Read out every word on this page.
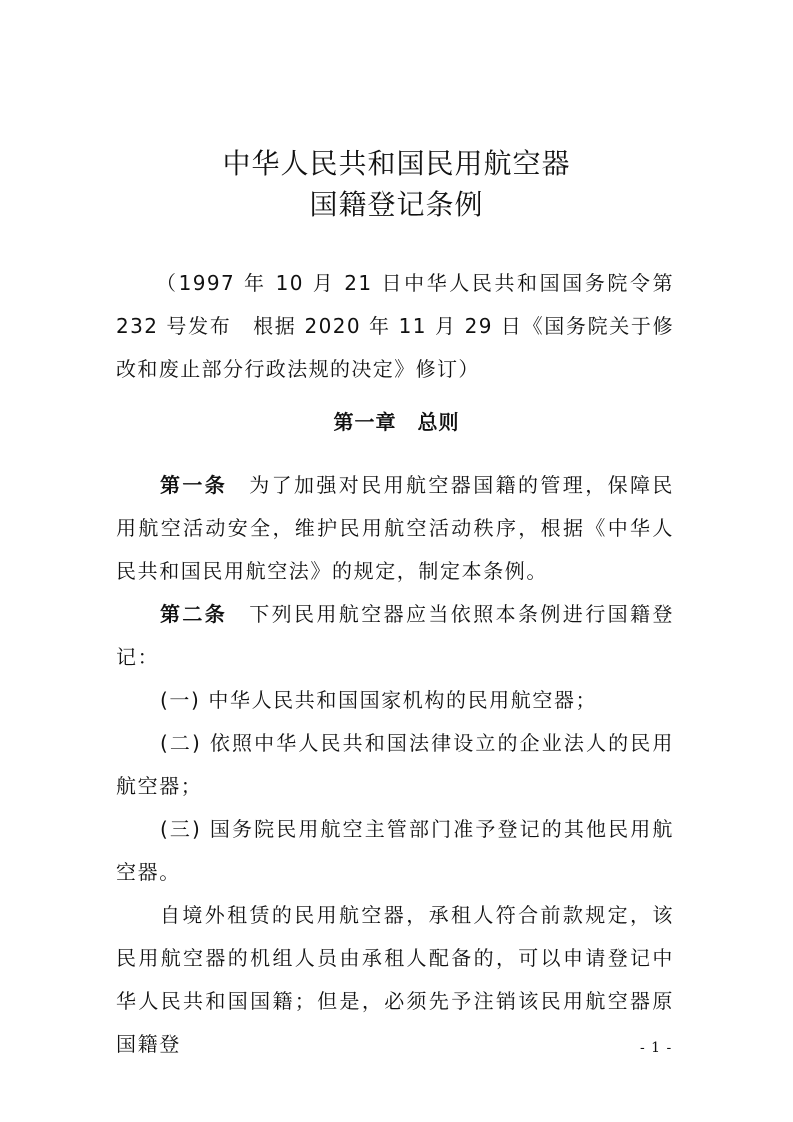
中华人民共和国民用航空器
国籍登记条例

（1997 年 10 月 21 日中华人民共和国国务院令第 232 号发布　根据 2020 年 11 月 29 日《国务院关于修改和废止部分行政法规的决定》修订）

第一章　总则

第一条 为了加强对民用航空器国籍的管理，保障民用航空活动安全，维护民用航空活动秩序，根据《中华人民共和国民用航空法》的规定，制定本条例。

第二条 下列民用航空器应当依照本条例进行国籍登记：

(一) 中华人民共和国国家机构的民用航空器；

(二) 依照中华人民共和国法律设立的企业法人的民用航空器；

(三) 国务院民用航空主管部门准予登记的其他民用航空器。

自境外租赁的民用航空器，承租人符合前款规定，该民用航空器的机组人员由承租人配备的，可以申请登记中华人民共和国国籍；但是，必须先予注销该民用航空器原国籍登	- 1 -
